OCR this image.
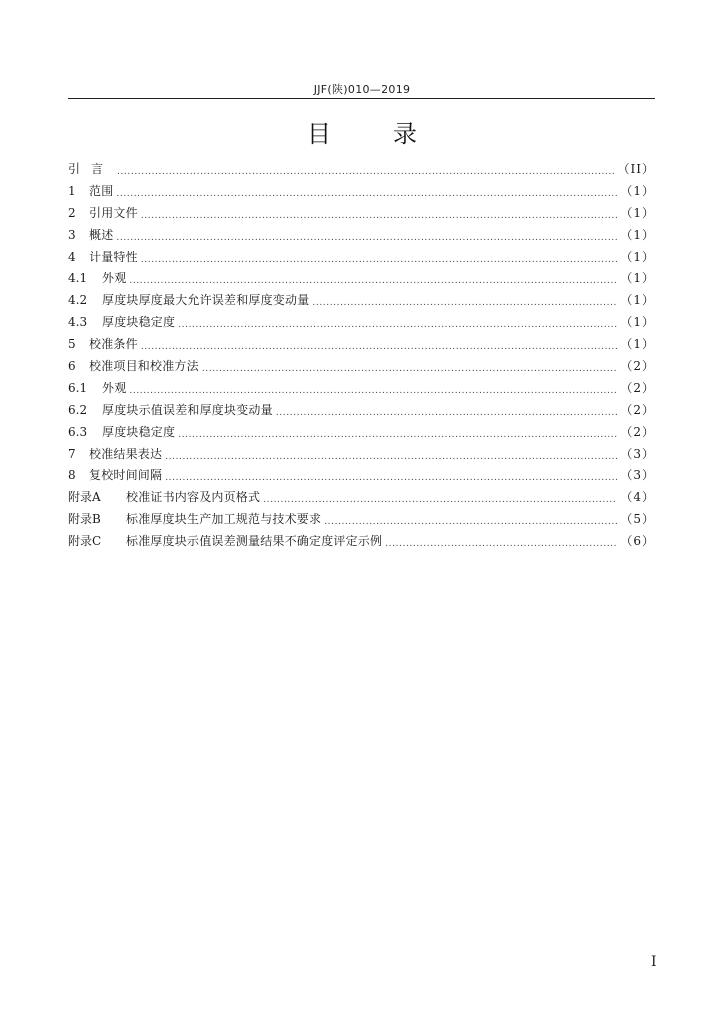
JJF(陕)010—2019
目录
引言 .....	（II）
1	范围 .....	（1）
2	引用文件 .....	（1）
3	概述 .....	（1）
4	计量特性 .....	（1）
4.1	外观 .....	（1）
4.2	厚度块厚度最大允许误差和厚度变动量 .....	（1）
4.3	厚度块稳定度 .....	（1）
5	校准条件 .....	（1）
6	校准项目和校准方法 .....	（2）
6.1	外观 .....	（2）
6.2	厚度块示值误差和厚度块变动量 .....	（2）
6.3	厚度块稳定度 .....	（2）
7	校准结果表达 .....	（3）
8	复校时间间隔 .....	（3）
附录A	校准证书内容及内页格式 .....	（4）
附录B	标准厚度块生产加工规范与技术要求 .....	（5）
附录C	标准厚度块示值误差测量结果不确定度评定示例 .....	（6）
I
